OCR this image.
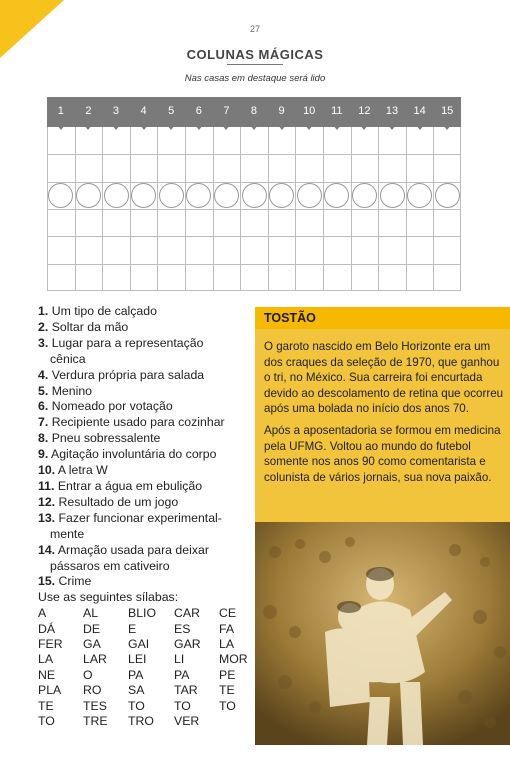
27
COLUNAS MÁGICAS
Nas casas em destaque será lido
1	2	3	4	5	6	7	8	9	10	11	12	13	14	15
1. Um tipo de calçado
2. Soltar da mão
3. Lugar para a representação
cênica
4. Verdura própria para salada
5. Menino
6. Nomeado por votação
7. Recipiente usado para cozinhar
8. Pneu sobressalente
9. Agitação involuntária do corpo
10. A letra W
11. Entrar a água em ebulição
12. Resultado de um jogo
13. Fazer funcionar experimental-
mente
14. Armação usada para deixar
pássaros em cativeiro
15. Crime
Use as seguintes sílabas:
A	AL	BLIO	CAR	CE
DÁ	DE	E	ES	FA
FER	GA	GAI	GAR	LA
LA	LAR	LEI	LI	MOR
NE	O	PA	PA	PE
PLA	RO	SA	TAR	TE
TE	TES	TO	TO	TO
TO	TRE	TRO	VER
TOSTÃO

O garoto nascido em Belo Horizonte era um dos craques da seleção de 1970, que ganhou o tri, no México. Sua carreira foi encurtada devido ao descolamento de retina que ocorreu após uma bolada no início dos anos 70.

Após a aposentadoria se formou em medicina pela UFMG. Voltou ao mundo do futebol somente nos anos 90 como comentarista e colunista de vários jornais, sua nova paixão.
